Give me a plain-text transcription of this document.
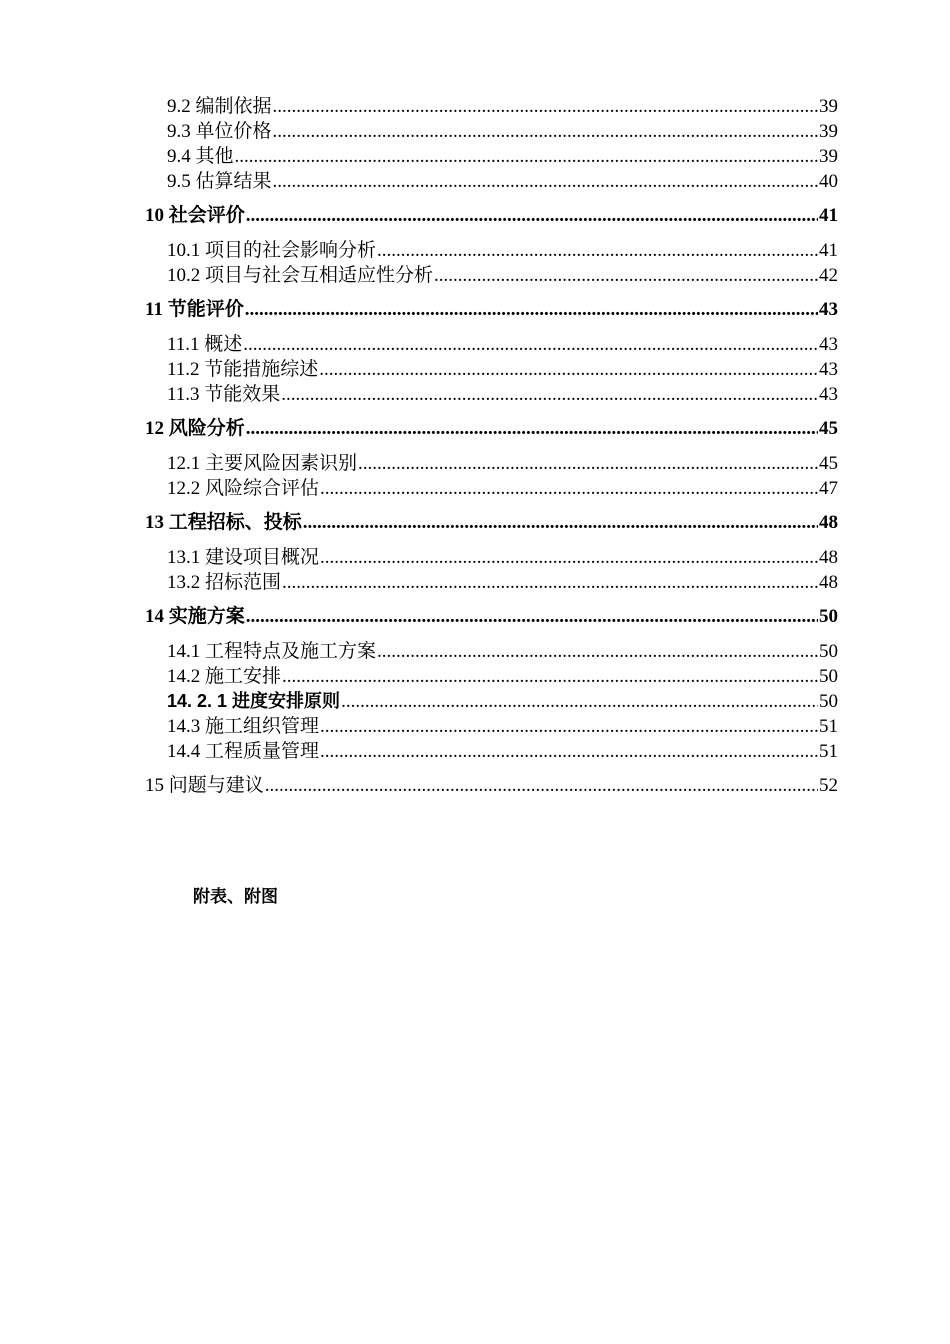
9.2 编制依据 .....	39
9.3 单位价格 .....	39
9.4 其他 .....	39
9.5 估算结果 .....	40
10 社会评价 .....	41
10.1 项目的社会影响分析 .....	41
10.2 项目与社会互相适应性分析 .....	42
11 节能评价 .....	43
11.1 概述 .....	43
11.2 节能措施综述 .....	43
11.3 节能效果 .....	43
12 风险分析 .....	45
12.1 主要风险因素识别 .....	45
12.2 风险综合评估 .....	47
13 工程招标、投标 .....	48
13.1 建设项目概况 .....	48
13.2 招标范围 .....	48
14 实施方案 .....	50
14.1 工程特点及施工方案 .....	50
14.2 施工安排 .....	50
14. 2. 1 进度安排原则 .....	50
14.3 施工组织管理 .....	51
14.4 工程质量管理 .....	51
15 问题与建议 .....	52
附表、附图
